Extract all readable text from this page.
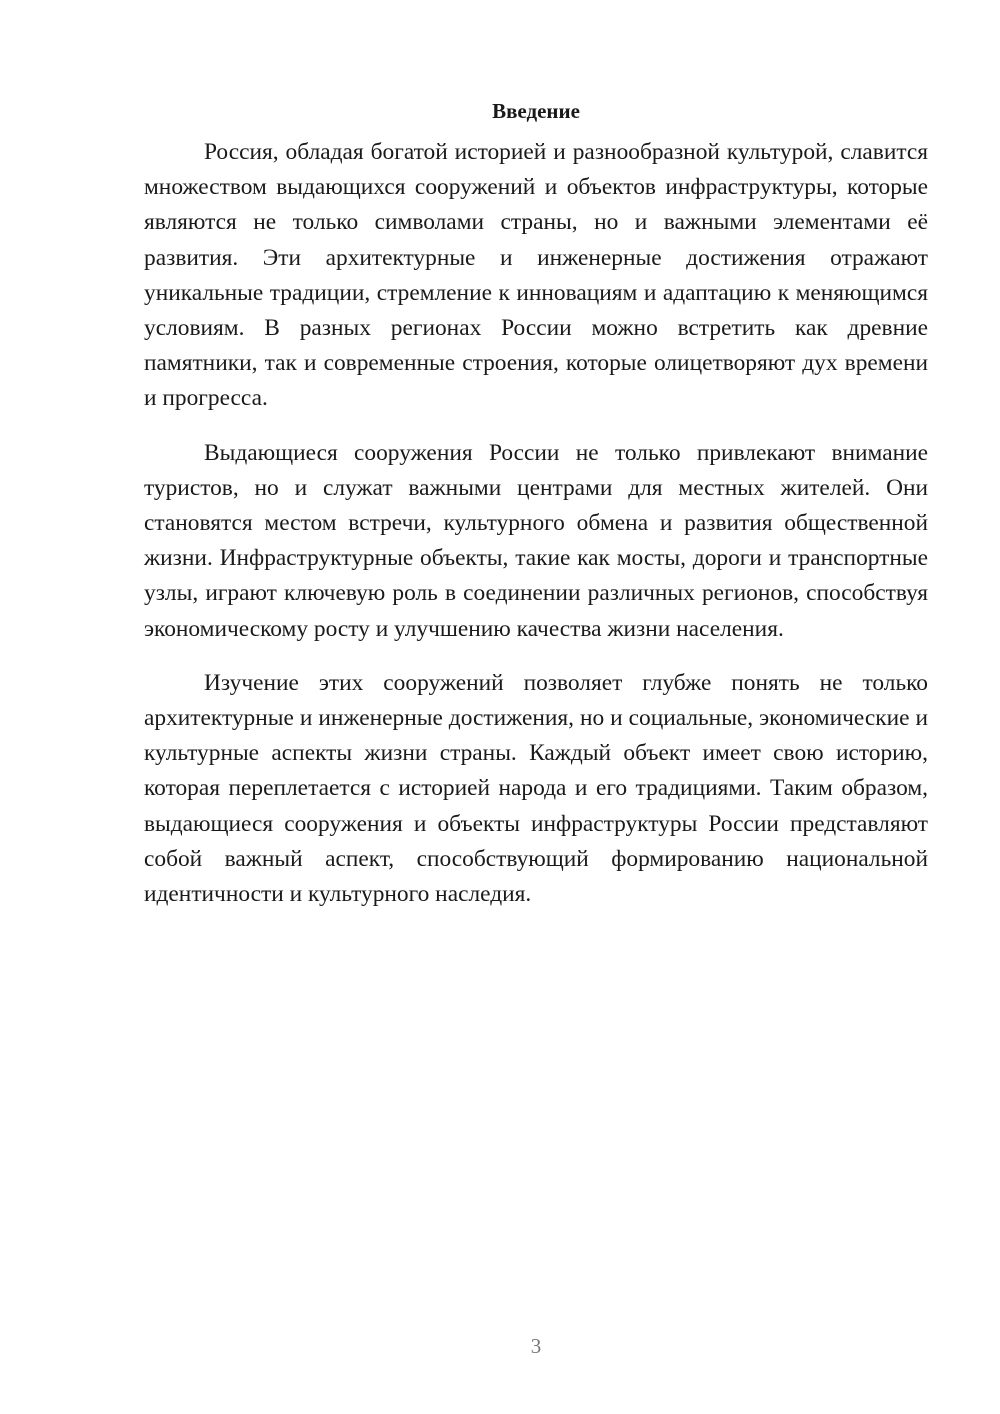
Введение

Россия, обладая богатой историей и разнообразной культурой, славится множеством выдающихся сооружений и объектов инфраструктуры, которые являются не только символами страны, но и важными элементами её развития. Эти архитектурные и инженерные достижения отражают уникальные традиции, стремление к инновациям и адаптацию к меняющимся условиям. В разных регионах России можно встретить как древние памятники, так и современные строения, которые олицетворяют дух времени и прогресса.

Выдающиеся сооружения России не только привлекают внимание туристов, но и служат важными центрами для местных жителей. Они становятся местом встречи, культурного обмена и развития общественной жизни. Инфраструктурные объекты, такие как мосты, дороги и транспортные узлы, играют ключевую роль в соединении различных регионов, способствуя экономическому росту и улучшению качества жизни населения.

Изучение этих сооружений позволяет глубже понять не только архитектурные и инженерные достижения, но и социальные, экономические и культурные аспекты жизни страны. Каждый объект имеет свою историю, которая переплетается с историей народа и его традициями. Таким образом, выдающиеся сооружения и объекты инфраструктуры России представляют собой важный аспект, способствующий формированию национальной идентичности и культурного наследия.

3
